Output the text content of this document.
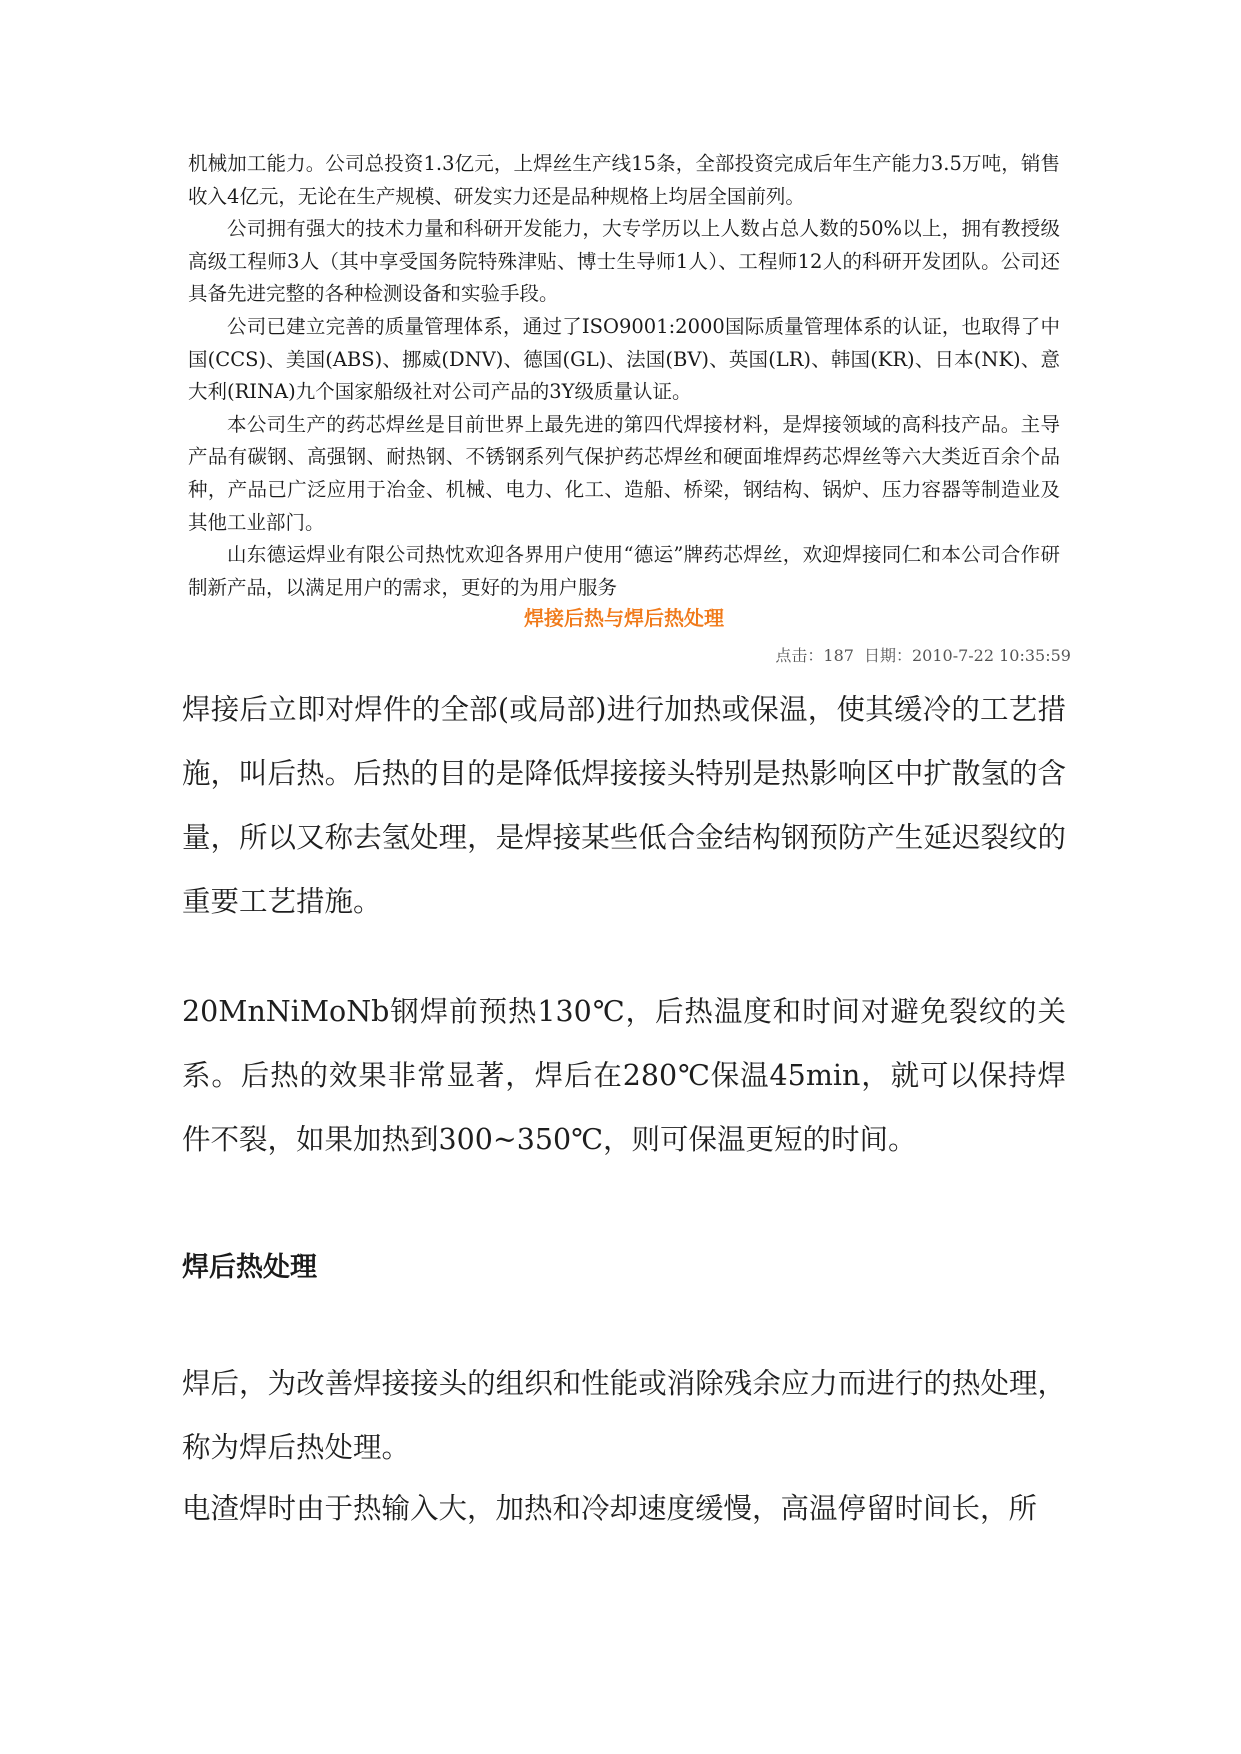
机械加工能力。公司总投资1.3亿元，上焊丝生产线15条，全部投资完成后年生产能力3.5万吨，销售收入4亿元，无论在生产规模、研发实力还是品种规格上均居全国前列。

公司拥有强大的技术力量和科研开发能力，大专学历以上人数占总人数的50%以上，拥有教授级高级工程师3人（其中享受国务院特殊津贴、博士生导师1人）、工程师12人的科研开发团队。公司还具备先进完整的各种检测设备和实验手段。

公司已建立完善的质量管理体系，通过了ISO9001:2000国际质量管理体系的认证，也取得了中国(CCS)、美国(ABS)、挪威(DNV)、德国(GL)、法国(BV)、英国(LR)、韩国(KR)、日本(NK)、意大利(RINA)九个国家船级社对公司产品的3Y级质量认证。

本公司生产的药芯焊丝是目前世界上最先进的第四代焊接材料，是焊接领域的高科技产品。主导产品有碳钢、高强钢、耐热钢、不锈钢系列气保护药芯焊丝和硬面堆焊药芯焊丝等六大类近百余个品种，产品已广泛应用于冶金、机械、电力、化工、造船、桥梁，钢结构、锅炉、压力容器等制造业及其他工业部门。

山东德运焊业有限公司热忱欢迎各界用户使用“德运”牌药芯焊丝，欢迎焊接同仁和本公司合作研制新产品，以满足用户的需求，更好的为用户服务

焊接后热与焊后热处理
点击：187 日期：2010-7-22 10:35:59

焊接后立即对焊件的全部(或局部)进行加热或保温，使其缓冷的工艺措施，叫后热。后热的目的是降低焊接接头特别是热影响区中扩散氢的含量，所以又称去氢处理，是焊接某些低合金结构钢预防产生延迟裂纹的重要工艺措施。

20MnNiMoNb钢焊前预热130℃，后热温度和时间对避免裂纹的关系。后热的效果非常显著，焊后在280℃保温45min，就可以保持焊件不裂，如果加热到300~350℃，则可保温更短的时间。

焊后热处理

焊后，为改善焊接接头的组织和性能或消除残余应力而进行的热处理，称为焊后热处理。

电渣焊时由于热输入大，加热和冷却速度缓慢，高温停留时间长，所
